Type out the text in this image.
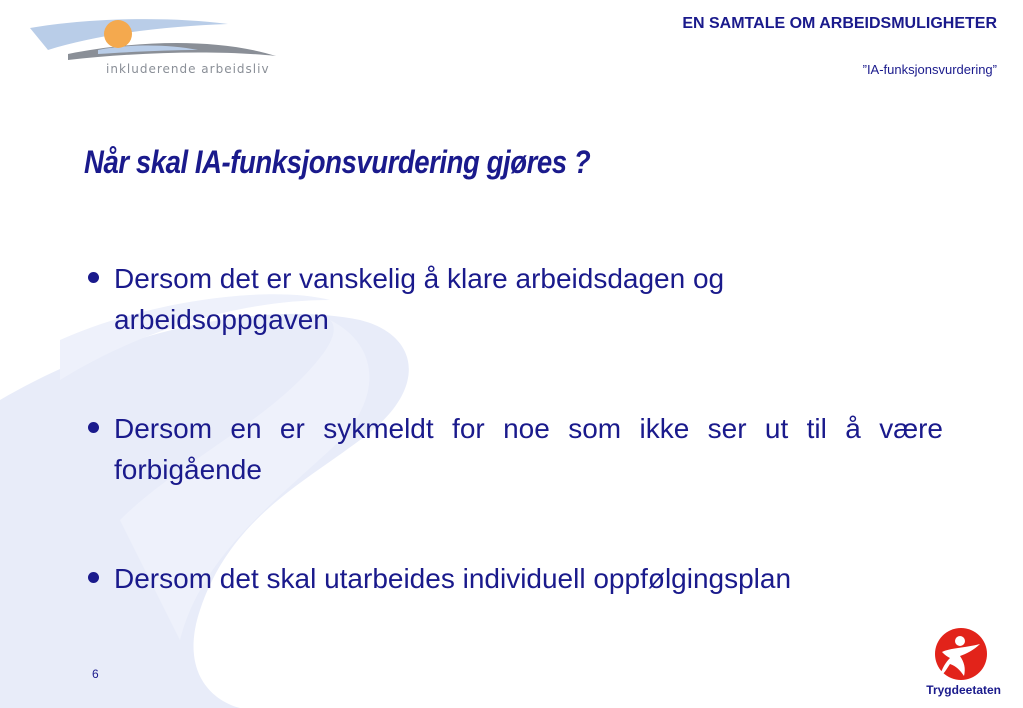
inkluderende arbeidsliv
EN SAMTALE OM ARBEIDSMULIGHETER
”IA-funksjonsvurdering”
Når skal IA-funksjonsvurdering gjøres ?
Dersom det er vanskelig å klare arbeidsdagen og arbeidsoppgaven
Dersom en er sykmeldt for noe som ikke ser ut til å være forbigående
Dersom det skal utarbeides individuell oppfølgingsplan
6
Trygdeetaten
